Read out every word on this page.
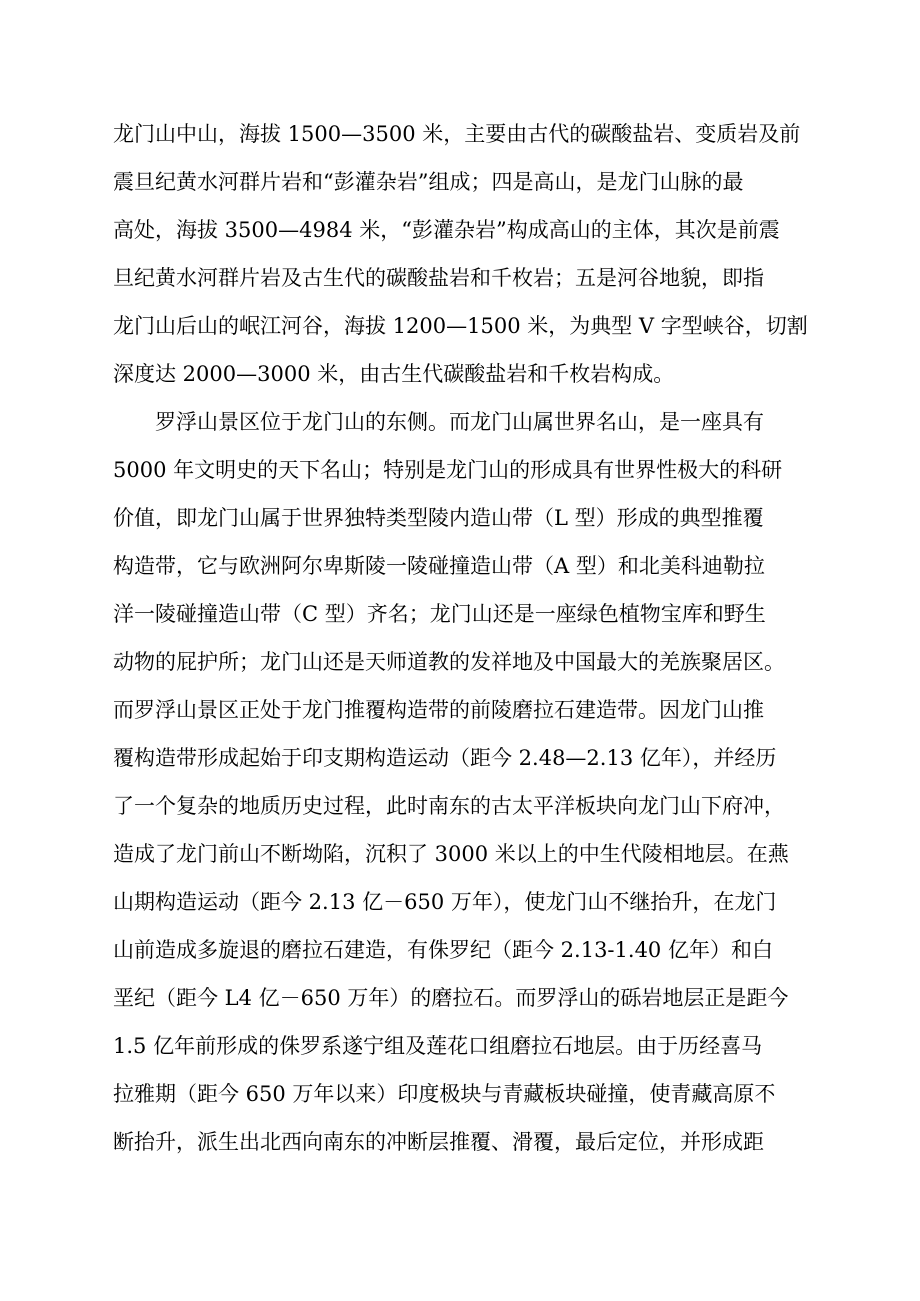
龙门山中山，海拔 1500—3500 米，主要由古代的碳酸盐岩、变质岩及前
震旦纪黄水河群片岩和“彭灌杂岩”组成；四是高山，是龙门山脉的最
高处，海拔 3500—4984 米，“彭灌杂岩”构成高山的主体，其次是前震
旦纪黄水河群片岩及古生代的碳酸盐岩和千枚岩；五是河谷地貌，即指
龙门山后山的岷江河谷，海拔 1200—1500 米，为典型 V 字型峡谷，切割
深度达 2000—3000 米，由古生代碳酸盐岩和千枚岩构成。
罗浮山景区位于龙门山的东侧。而龙门山属世界名山，是一座具有
5000 年文明史的天下名山；特别是龙门山的形成具有世界性极大的科研
价值，即龙门山属于世界独特类型陵内造山带（L 型）形成的典型推覆
构造带，它与欧洲阿尔卑斯陵一陵碰撞造山带（A 型）和北美科迪勒拉
洋一陵碰撞造山带（C 型）齐名；龙门山还是一座绿色植物宝库和野生
动物的屁护所；龙门山还是天师道教的发祥地及中国最大的羌族聚居区。
而罗浮山景区正处于龙门推覆构造带的前陵磨拉石建造带。因龙门山推
覆构造带形成起始于印支期构造运动（距今 2.48—2.13 亿年），并经历
了一个复杂的地质历史过程，此时南东的古太平洋板块向龙门山下府冲，
造成了龙门前山不断坳陷，沉积了 3000 米以上的中生代陵相地层。在燕
山期构造运动（距今 2.13 亿－650 万年），使龙门山不继抬升，在龙门
山前造成多旋退的磨拉石建造，有侏罗纪（距今 2.13-1.40 亿年）和白
垩纪（距今 L4 亿－650 万年）的磨拉石。而罗浮山的砾岩地层正是距今
1.5 亿年前形成的侏罗系遂宁组及莲花口组磨拉石地层。由于历经喜马
拉雅期（距今 650 万年以来）印度极块与青藏板块碰撞，使青藏高原不
断抬升，派生出北西向南东的冲断层推覆、滑覆，最后定位，并形成距
